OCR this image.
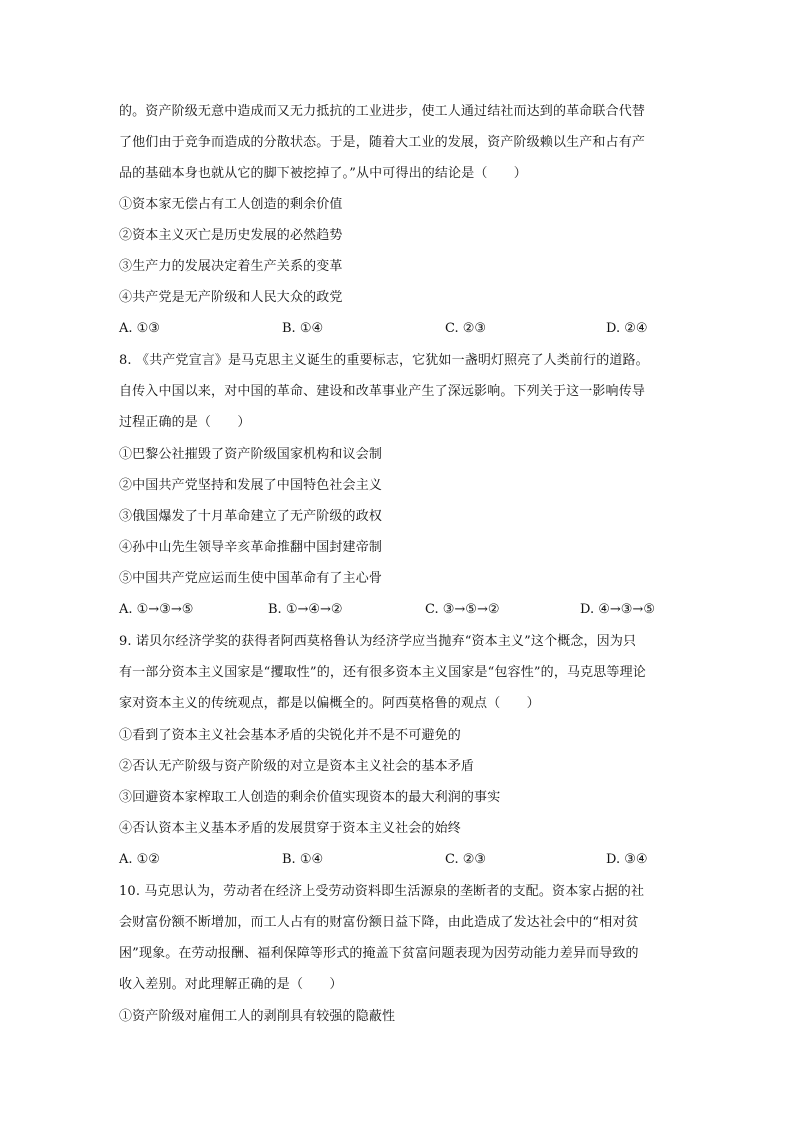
的。资产阶级无意中造成而又无力抵抗的工业进步，使工人通过结社而达到的革命联合代替
了他们由于竞争而造成的分散状态。于是，随着大工业的发展，资产阶级赖以生产和占有产
品的基础本身也就从它的脚下被挖掉了。”从中可得出的结论是（　　）
①资本家无偿占有工人创造的剩余价值
②资本主义灭亡是历史发展的必然趋势
③生产力的发展决定着生产关系的变革
④共产党是无产阶级和人民大众的政党
A. ①③	B. ①④	C. ②③	D. ②④
8. 《共产党宣言》是马克思主义诞生的重要标志，它犹如一盏明灯照亮了人类前行的道路。
自传入中国以来，对中国的革命、建设和改革事业产生了深远影响。下列关于这一影响传导
过程正确的是（　　）
①巴黎公社摧毁了资产阶级国家机构和议会制
②中国共产党坚持和发展了中国特色社会主义
③俄国爆发了十月革命建立了无产阶级的政权
④孙中山先生领导辛亥革命推翻中国封建帝制
⑤中国共产党应运而生使中国革命有了主心骨
A. ①→③→⑤	B. ①→④→②	C. ③→⑤→②	D. ④→③→⑤
9. 诺贝尔经济学奖的获得者阿西莫格鲁认为经济学应当抛弃“资本主义”这个概念，因为只
有一部分资本主义国家是“攫取性”的，还有很多资本主义国家是“包容性”的，马克思等理论
家对资本主义的传统观点，都是以偏概全的。阿西莫格鲁的观点（　　）
①看到了资本主义社会基本矛盾的尖锐化并不是不可避免的
②否认无产阶级与资产阶级的对立是资本主义社会的基本矛盾
③回避资本家榨取工人创造的剩余价值实现资本的最大利润的事实
④否认资本主义基本矛盾的发展贯穿于资本主义社会的始终
A. ①②	B. ①④	C. ②③	D. ③④
10. 马克思认为，劳动者在经济上受劳动资料即生活源泉的垄断者的支配。资本家占据的社
会财富份额不断增加，而工人占有的财富份额日益下降，由此造成了发达社会中的“相对贫
困”现象。在劳动报酬、福利保障等形式的掩盖下贫富问题表现为因劳动能力差异而导致的
收入差别。对此理解正确的是（　　）
①资产阶级对雇佣工人的剥削具有较强的隐蔽性
